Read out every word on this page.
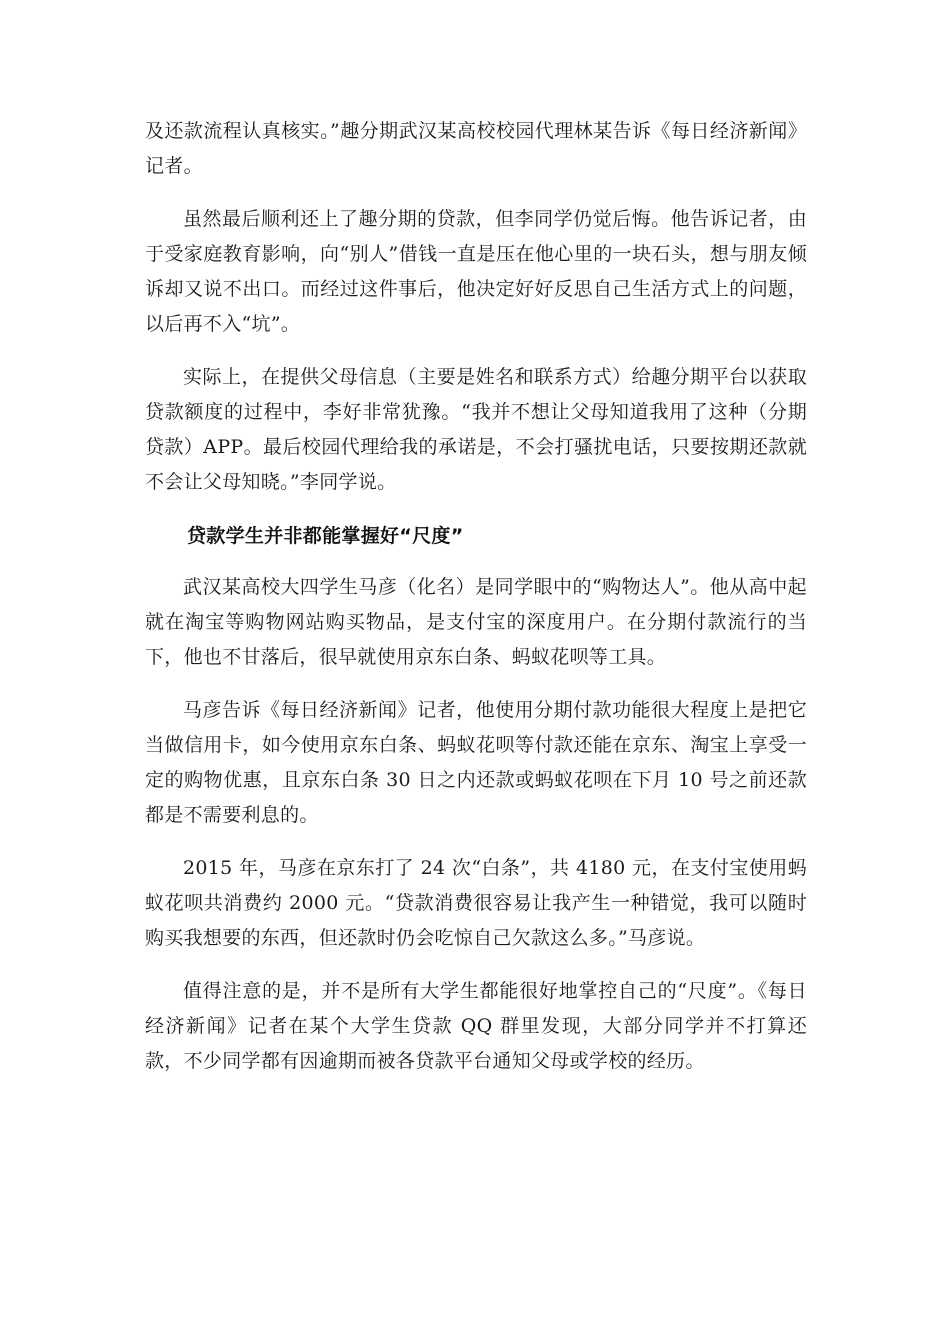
及还款流程认真核实。”趣分期武汉某高校校园代理林某告诉《每日经济新闻》记者。

虽然最后顺利还上了趣分期的贷款，但李同学仍觉后悔。他告诉记者，由于受家庭教育影响，向“别人”借钱一直是压在他心里的一块石头，想与朋友倾诉却又说不出口。而经过这件事后，他决定好好反思自己生活方式上的问题，以后再不入“坑”。

实际上，在提供父母信息（主要是姓名和联系方式）给趣分期平台以获取贷款额度的过程中，李好非常犹豫。“我并不想让父母知道我用了这种（分期贷款）APP。最后校园代理给我的承诺是，不会打骚扰电话，只要按期还款就不会让父母知晓。”李同学说。

贷款学生并非都能掌握好“尺度”

武汉某高校大四学生马彦（化名）是同学眼中的“购物达人”。他从高中起就在淘宝等购物网站购买物品，是支付宝的深度用户。在分期付款流行的当下，他也不甘落后，很早就使用京东白条、蚂蚁花呗等工具。

马彦告诉《每日经济新闻》记者，他使用分期付款功能很大程度上是把它当做信用卡，如今使用京东白条、蚂蚁花呗等付款还能在京东、淘宝上享受一定的购物优惠，且京东白条 30 日之内还款或蚂蚁花呗在下月 10 号之前还款都是不需要利息的。

2015 年，马彦在京东打了 24 次“白条”，共 4180 元，在支付宝使用蚂蚁花呗共消费约 2000 元。“贷款消费很容易让我产生一种错觉，我可以随时购买我想要的东西，但还款时仍会吃惊自己欠款这么多。”马彦说。

值得注意的是，并不是所有大学生都能很好地掌控自己的“尺度”。《每日经济新闻》记者在某个大学生贷款 QQ 群里发现，大部分同学并不打算还款，不少同学都有因逾期而被各贷款平台通知父母或学校的经历。
